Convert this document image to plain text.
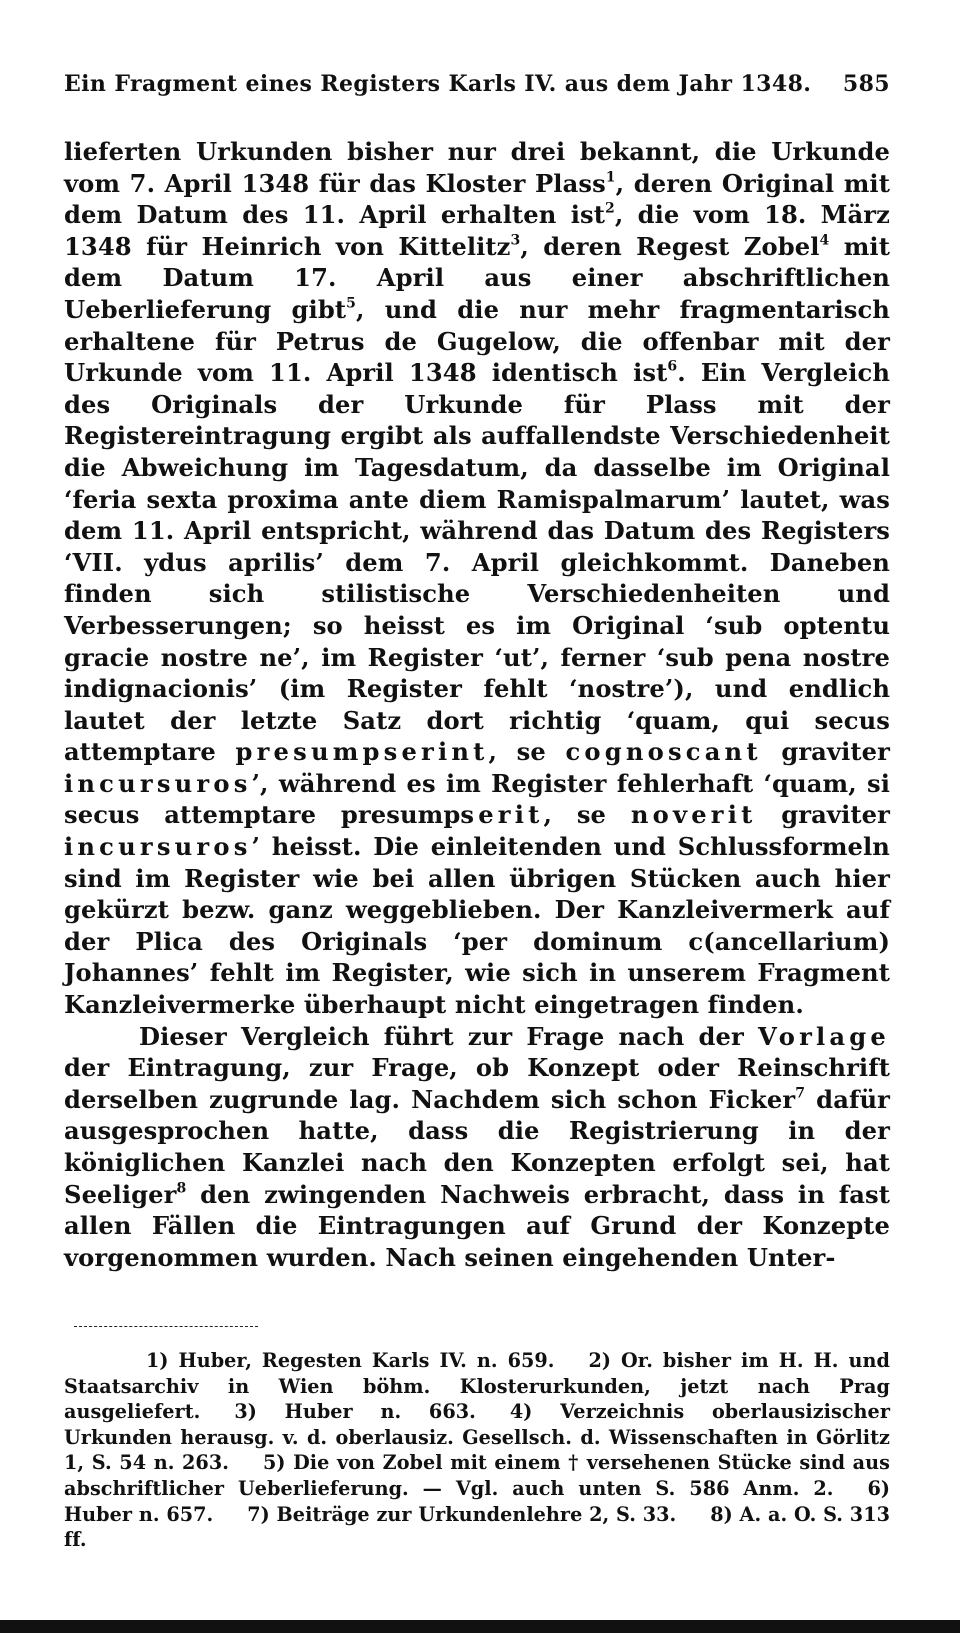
Ein Fragment eines Registers Karls IV. aus dem Jahr 1348. 585

lieferten Urkunden bisher nur drei bekannt, die Urkunde vom 7. April 1348 für das Kloster Plass$^1$, deren Original mit dem Datum des 11. April erhalten ist$^2$, die vom 18. März 1348 für Heinrich von Kittelitz$^3$, deren Regest Zobel$^4$ mit dem Datum 17. April aus einer abschriftlichen Ueberlieferung gibt$^5$, und die nur mehr fragmentarisch erhaltene für Petrus de Gugelow, die offenbar mit der Urkunde vom 11. April 1348 identisch ist$^6$. Ein Vergleich des Originals der Urkunde für Plass mit der Registereintragung ergibt als auffallendste Verschiedenheit die Abweichung im Tagesdatum, da dasselbe im Original ‘feria sexta proxima ante diem Ramispalmarum’ lautet, was dem 11. April entspricht, während das Datum des Registers ‘VII. ydus aprilis’ dem 7. April gleichkommt. Daneben finden sich stilistische Verschiedenheiten und Verbesserungen; so heisst es im Original ‘sub optentu gracie nostre ne’, im Register ‘ut’, ferner ‘sub pena nostre indignacionis’ (im Register fehlt ‘nostre’), und endlich lautet der letzte Satz dort richtig ‘quam, qui secus attemptare presumpserint, se cognoscant graviter incursuros’, während es im Register fehlerhaft ‘quam, si secus attemptare presumpserit, se noverit graviter incursuros’ heisst. Die einleitenden und Schlussformeln sind im Register wie bei allen übrigen Stücken auch hier gekürzt bezw. ganz weggeblieben. Der Kanzleivermerk auf der Plica des Originals ‘per dominum c(ancellarium) Johannes’ fehlt im Register, wie sich in unserem Fragment Kanzleivermerke überhaupt nicht eingetragen finden.

Dieser Vergleich führt zur Frage nach der Vorlage der Eintragung, zur Frage, ob Konzept oder Reinschrift derselben zugrunde lag. Nachdem sich schon Ficker$^7$ dafür ausgesprochen hatte, dass die Registrierung in der königlichen Kanzlei nach den Konzepten erfolgt sei, hat Seeliger$^8$ den zwingenden Nachweis erbracht, dass in fast allen Fällen die Eintragungen auf Grund der Konzepte vorgenommen wurden. Nach seinen eingehenden Unter-

1) Huber, Regesten Karls IV. n. 659. 2) Or. bisher im H. H. und Staatsarchiv in Wien böhm. Klosterurkunden, jetzt nach Prag ausgeliefert. 3) Huber n. 663. 4) Verzeichnis oberlausizischer Urkunden herausg. v. d. oberlausiz. Gesellsch. d. Wissenschaften in Görlitz 1, S. 54 n. 263. 5) Die von Zobel mit einem † versehenen Stücke sind aus abschriftlicher Ueberlieferung. — Vgl. auch unten S. 586 Anm. 2. 6) Huber n. 657. 7) Beiträge zur Urkundenlehre 2, S. 33. 8) A. a. O. S. 313 ff.
